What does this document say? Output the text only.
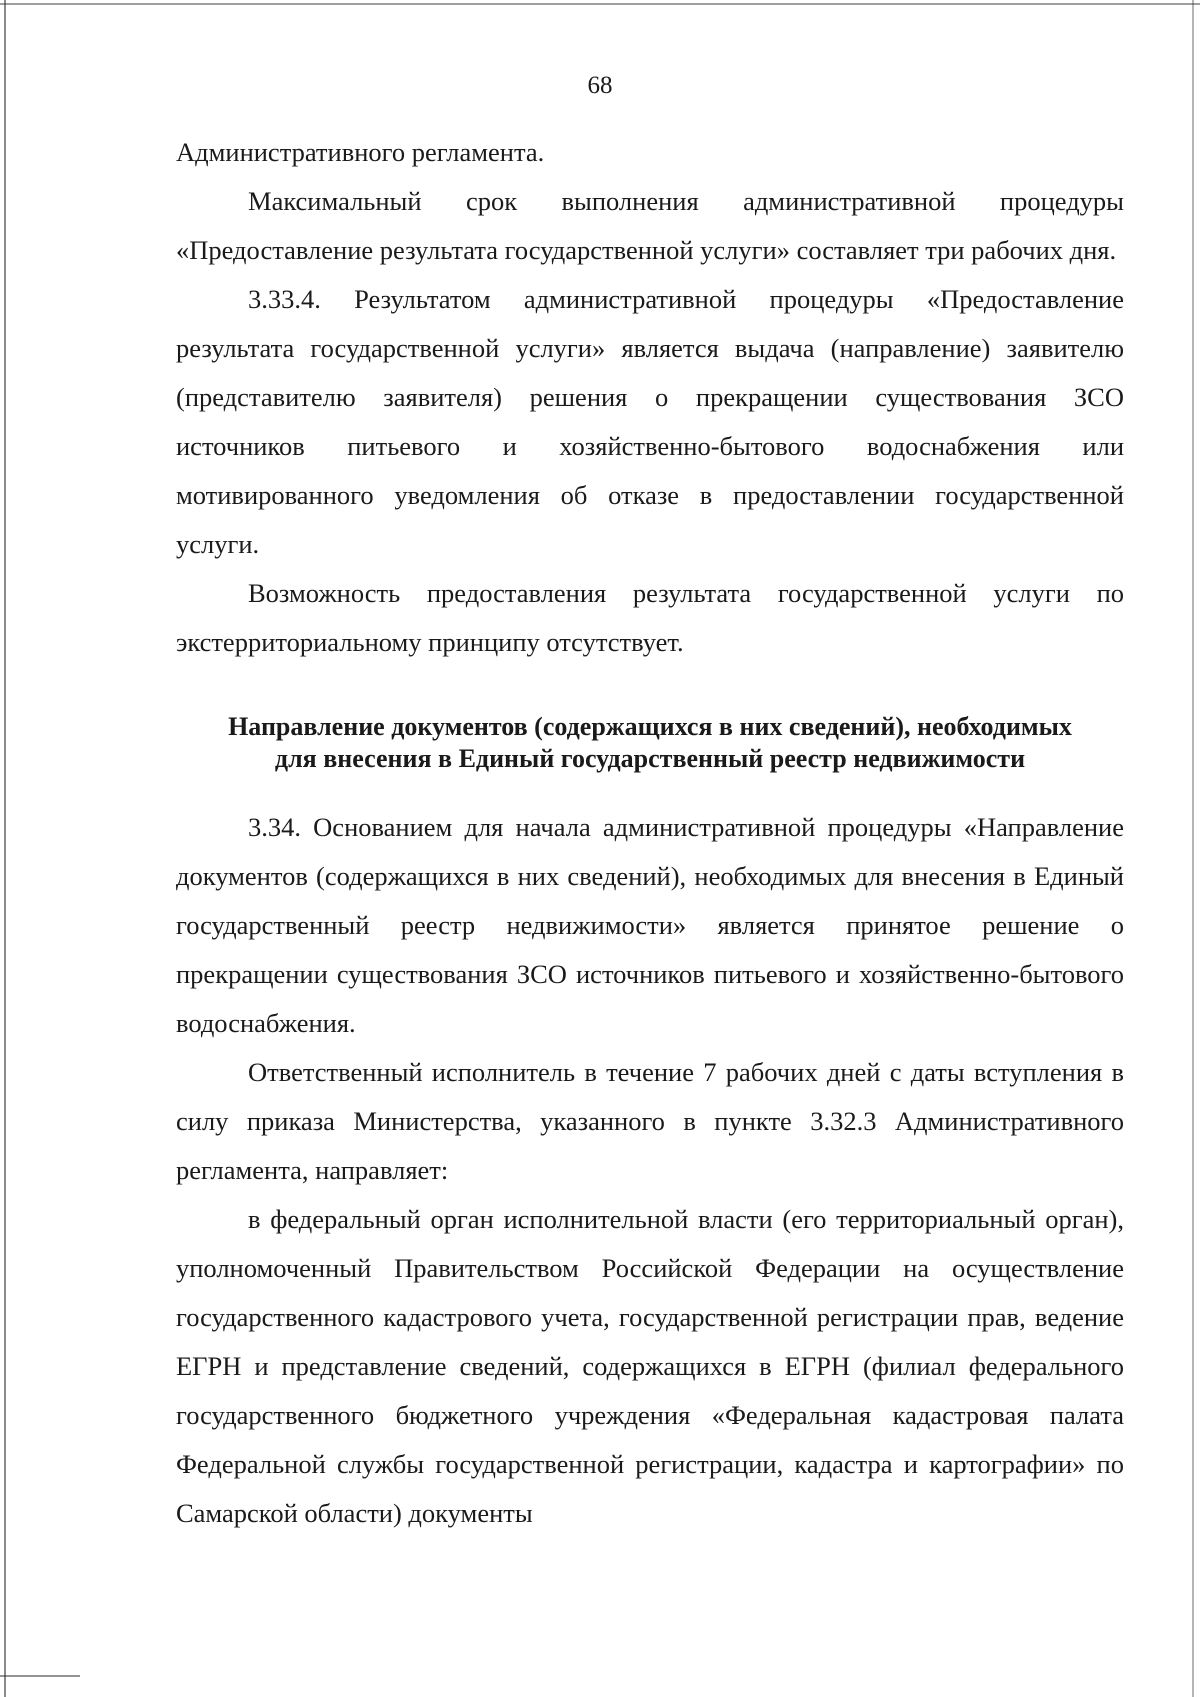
68

Административного регламента.

Максимальный срок выполнения административной процедуры «Предоставление результата государственной услуги» составляет три рабочих дня.

3.33.4. Результатом административной процедуры «Предоставление результата государственной услуги» является выдача (направление) заявителю (представителю заявителя) решения о прекращении существования ЗСО источников питьевого и хозяйственно-бытового водоснабжения или мотивированного уведомления об отказе в предоставлении государственной услуги.

Возможность предоставления результата государственной услуги по экстерриториальному принципу отсутствует.

Направление документов (содержащихся в них сведений), необходимых
для внесения в Единый государственный реестр недвижимости

3.34. Основанием для начала административной процедуры «Направление документов (содержащихся в них сведений), необходимых для внесения в Единый государственный реестр недвижимости» является принятое решение о прекращении существования ЗСО источников питьевого и хозяйственно-бытового водоснабжения.

Ответственный исполнитель в течение 7 рабочих дней с даты вступления в силу приказа Министерства, указанного в пункте 3.32.3 Административного регламента, направляет:

в федеральный орган исполнительной власти (его территориальный орган), уполномоченный Правительством Российской Федерации на осуществление государственного кадастрового учета, государственной регистрации прав, ведение ЕГРН и представление сведений, содержащихся в ЕГРН (филиал федерального государственного бюджетного учреждения «Федеральная кадастровая палата Федеральной службы государственной регистрации, кадастра и картографии» по Самарской области) документы
